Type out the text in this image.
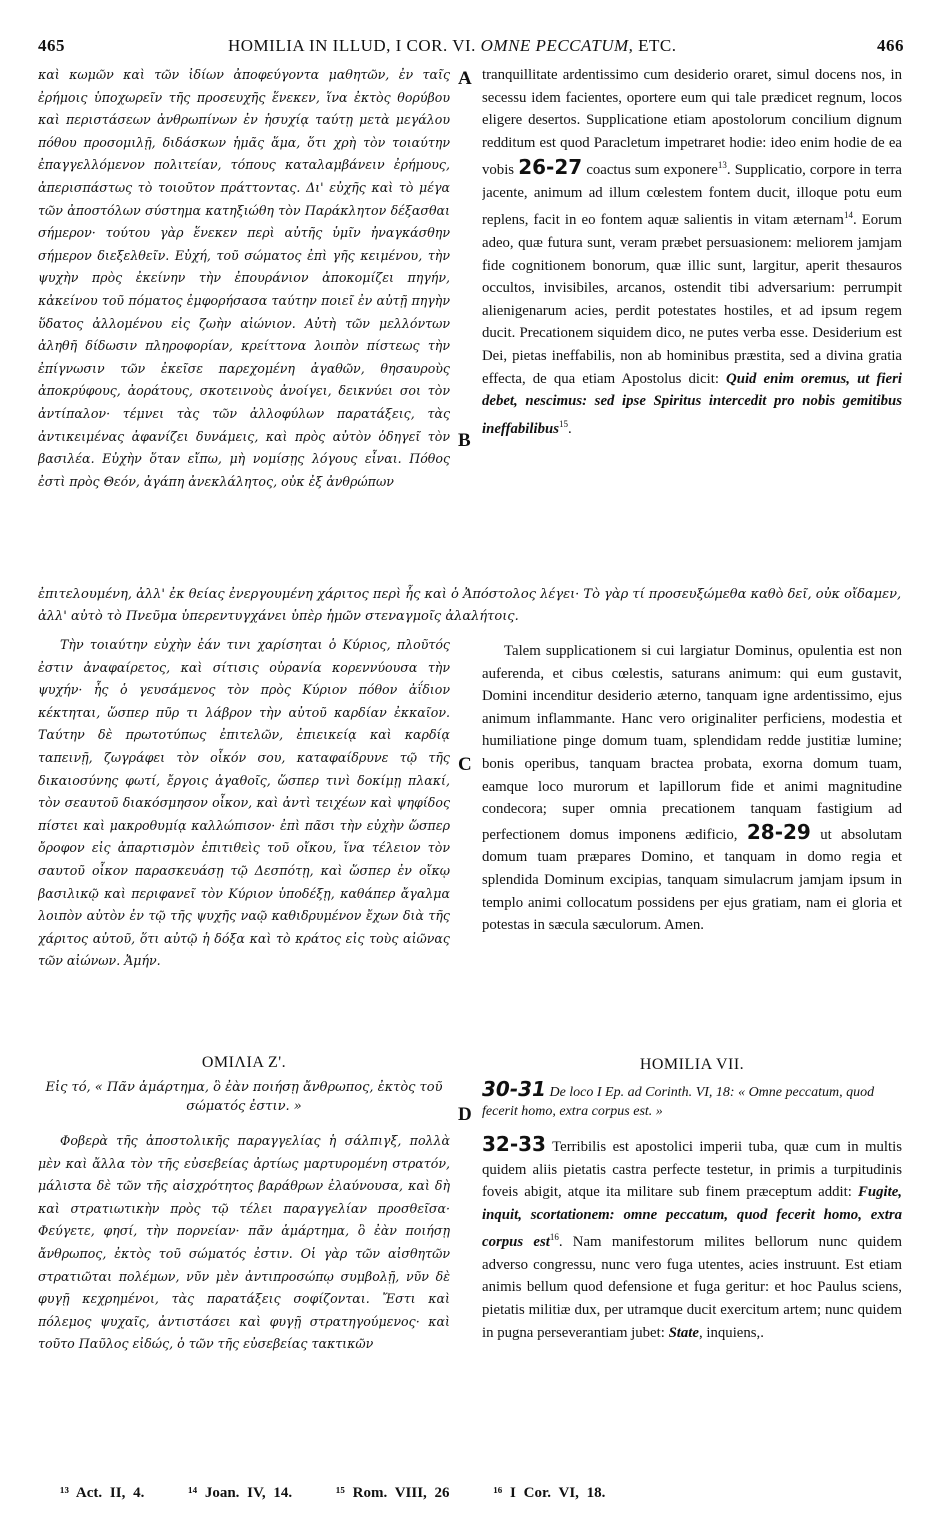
465	HOMILIA IN ILLUD, I COR. VI. OMNE PECCATUM, ETC.	466
A
B
C
D

καὶ κωμῶν καὶ τῶν ἰδίων ἀποφεύγοντα μαθητῶν, ἐν ταῖς ἐρήμοις ὑποχωρεῖν τῆς προσευχῆς ἕνεκεν, ἵνα ἐκτὸς θορύβου καὶ περιστάσεων ἀνθρωπίνων ἐν ἡσυχίᾳ ταύτῃ μετὰ μεγάλου πόθου προσομιλῇ, διδάσκων ἡμᾶς ἅμα, ὅτι χρὴ τὸν τοιαύτην ἐπαγγελλόμενον πολιτείαν, τόπους καταλαμβάνειν ἐρήμους, ἀπερισπάστως τὸ τοιοῦτον πράττοντας. Δι' εὐχῆς καὶ τὸ μέγα τῶν ἀποστόλων σύστημα κατηξιώθη τὸν Παράκλητον δέξασθαι σήμερον· τούτου γὰρ ἕνεκεν περὶ αὐτῆς ὑμῖν ἠναγκάσθην σήμερον διεξελθεῖν. Εὐχή, τοῦ σώματος ἐπὶ γῆς κειμένου, τὴν ψυχὴν πρὸς ἐκείνην τὴν ἐπουράνιον ἀποκομίζει πηγήν, κἀκείνου τοῦ πόματος ἐμφορήσασα ταύτην ποιεῖ ἐν αὐτῇ πηγὴν ὕδατος ἀλλομένου εἰς ζωὴν αἰώνιον. Αὐτὴ τῶν μελλόντων ἀληθῆ δίδωσιν πληροφορίαν, κρείττονα λοιπὸν πίστεως τὴν ἐπίγνωσιν τῶν ἐκεῖσε παρεχομένη ἀγαθῶν, θησαυροὺς ἀποκρύφους, ἀοράτους, σκοτεινοὺς ἀνοίγει, δεικνύει σοι τὸν ἀντίπαλον· τέμνει τὰς τῶν ἀλλοφύλων παρατάξεις, τὰς ἀντικειμένας ἀφανίζει δυνάμεις, καὶ πρὸς αὐτὸν ὁδηγεῖ τὸν βασιλέα. Εὐχὴν ὅταν εἴπω, μὴ νομίσῃς λόγους εἶναι. Πόθος ἐστὶ πρὸς Θεόν, ἀγάπη ἀνεκλάλητος, οὐκ ἐξ ἀνθρώπων

tranquillitate ardentissimo cum desiderio oraret, simul docens nos, in secessu idem facientes, oportere eum qui tale prædicet regnum, locos eligere desertos. Supplicatione etiam apostolorum concilium dignum redditum est quod Paracletum impetraret hodie: ideo enim hodie de ea vobis 26-27 coactus sum exponere$^{13}$. Supplicatio, corpore in terra jacente, animum ad illum cœlestem fontem ducit, illoque potu eum replens, facit in eo fontem aquæ salientis in vitam æternam$^{14}$. Eorum adeo, quæ futura sunt, veram præbet persuasionem: meliorem jamjam fide cognitionem bonorum, quæ illic sunt, largitur, aperit thesauros occultos, invisibiles, arcanos, ostendit tibi adversarium: perrumpit alienigenarum acies, perdit potestates hostiles, et ad ipsum regem ducit. Precationem siquidem dico, ne putes verba esse. Desiderium est Dei, pietas ineffabilis, non ab hominibus præstita, sed a divina gratia effecta, de qua etiam Apostolus dicit: Quid enim oremus, ut fieri debet, nescimus: sed ipse Spiritus intercedit pro nobis gemitibus ineffabilibus$^{15}$.

ἐπιτελουμένη, ἀλλ' ἐκ θείας ἐνεργουμένη χάριτος περὶ ἧς καὶ ὁ Ἀπόστολος λέγει· Τὸ γὰρ τί προσευξώμεθα καθὸ δεῖ, οὐκ οἴδαμεν, ἀλλ' αὐτὸ τὸ Πνεῦμα ὑπερεντυγχάνει ὑπὲρ ἡμῶν στεναγμοῖς ἀλαλήτοις.

Τὴν τοιαύτην εὐχὴν ἐάν τινι χαρίσηται ὁ Κύριος, πλοῦτός ἐστιν ἀναφαίρετος, καὶ σίτισις οὐρανία κορεννύουσα τὴν ψυχήν· ἧς ὁ γευσάμενος τὸν πρὸς Κύριον πόθον ἀΐδιον κέκτηται, ὥσπερ πῦρ τι λάβρον τὴν αὐτοῦ καρδίαν ἐκκαῖον. Ταύτην δὲ πρωτοτύπως ἐπιτελῶν, ἐπιεικείᾳ καὶ καρδίᾳ ταπεινῇ, ζωγράφει τὸν οἶκόν σου, καταφαίδρυνε τῷ τῆς δικαιοσύνης φωτί, ἔργοις ἀγαθοῖς, ὥσπερ τινὶ δοκίμῃ πλακί, τὸν σεαυτοῦ διακόσμησον οἶκον, καὶ ἀντὶ τειχέων καὶ ψηφίδος πίστει καὶ μακροθυμίᾳ καλλώπισον· ἐπὶ πᾶσι τὴν εὐχὴν ὥσπερ ὄροφον εἰς ἀπαρτισμὸν ἐπιτιθεὶς τοῦ οἴκου, ἵνα τέλειον τὸν σαυτοῦ οἶκον παρασκευάσῃ τῷ Δεσπότῃ, καὶ ὥσπερ ἐν οἴκῳ βασιλικῷ καὶ περιφανεῖ τὸν Κύριον ὑποδέξῃ, καθάπερ ἄγαλμα λοιπὸν αὐτὸν ἐν τῷ τῆς ψυχῆς ναῷ καθιδρυμένον ἔχων διὰ τῆς χάριτος αὐτοῦ, ὅτι αὐτῷ ἡ δόξα καὶ τὸ κράτος εἰς τοὺς αἰῶνας τῶν αἰώνων. Ἀμήν.

ΟΜΙΛΙΑ Ζ'.
Εἰς τό, « Πᾶν ἁμάρτημα, ὃ ἐὰν ποιήσῃ ἄνθρωπος, ἐκτὸς τοῦ σώματός ἐστιν. »

Φοβερὰ τῆς ἀποστολικῆς παραγγελίας ἡ σάλπιγξ, πολλὰ μὲν καὶ ἄλλα τὸν τῆς εὐσεβείας ἀρτίως μαρτυρομένη στρατόν, μάλιστα δὲ τῶν τῆς αἰσχρότητος βαράθρων ἐλαύνουσα, καὶ δὴ καὶ στρατιωτικὴν πρὸς τῷ τέλει παραγγελίαν προσθεῖσα· Φεύγετε, φησί, τὴν πορνείαν· πᾶν ἁμάρτημα, ὃ ἐὰν ποιήσῃ ἄνθρωπος, ἐκτὸς τοῦ σώματός ἐστιν. Οἱ γὰρ τῶν αἰσθητῶν στρατιῶται πολέμων, νῦν μὲν ἀντιπροσώπῳ συμβολῇ, νῦν δὲ φυγῇ κεχρημένοι, τὰς παρατάξεις σοφίζονται. Ἔστι καὶ πόλεμος ψυχαῖς, ἀντιστάσει καὶ φυγῇ στρατηγούμενος· καὶ τοῦτο Παῦλος εἰδώς, ὁ τῶν τῆς εὐσεβείας τακτικῶν

Talem supplicationem si cui largiatur Dominus, opulentia est non auferenda, et cibus cœlestis, saturans animum: qui eum gustavit, Domini incenditur desiderio æterno, tanquam igne ardentissimo, ejus animum inflammante. Hanc vero originaliter perficiens, modestia et humiliatione pinge domum tuam, splendidam redde justitiæ lumine; bonis operibus, tanquam bractea probata, exorna domum tuam, eamque loco murorum et lapillorum fide et animi magnitudine condecora; super omnia precationem tanquam fastigium ad perfectionem domus imponens ædificio, 28-29 ut absolutam domum tuam præpares Domino, et tanquam in domo regia et splendida Dominum excipias, tanquam simulacrum jamjam ipsum in templo animi collocatum possidens per ejus gratiam, nam ei gloria et potestas in sæcula sæculorum. Amen.

HOMILIA VII.
30-31 De loco I Ep. ad Corinth. VI, 18: « Omne peccatum, quod fecerit homo, extra corpus est. »

32-33 Terribilis est apostolici imperii tuba, quæ cum in multis quidem aliis pietatis castra perfecte testetur, in primis a turpitudinis foveis abigit, atque ita militare sub finem præceptum addit: Fugite, inquit, scortationem: omne peccatum, quod fecerit homo, extra corpus est$^{16}$. Nam manifestorum milites bellorum nunc quidem adverso congressu, nunc vero fuga utentes, acies instruunt. Est etiam animis bellum quod defensione et fuga geritur: et hoc Paulus sciens, pietatis militiæ dux, per utramque ducit exercitum artem; nunc quidem in pugna perseverantiam jubet: State, inquiens,.

¹³ Act. II, 4.	¹⁴ Joan. IV, 14.	¹⁵ Rom. VIII, 26	¹⁶ I Cor. VI, 18.
